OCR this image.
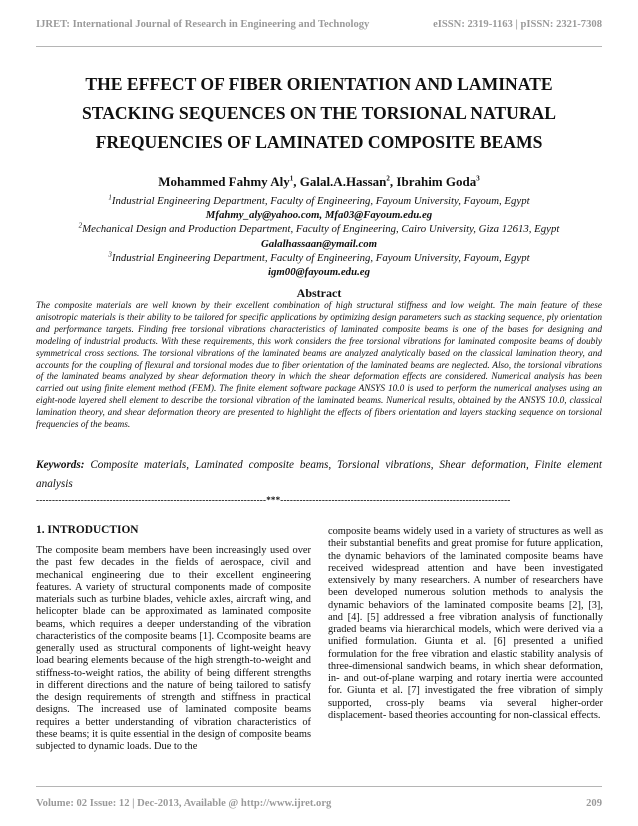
IJRET: International Journal of Research in Engineering and Technology	eISSN: 2319-1163 | pISSN: 2321-7308
THE EFFECT OF FIBER ORIENTATION AND LAMINATE STACKING SEQUENCES ON THE TORSIONAL NATURAL FREQUENCIES OF LAMINATED COMPOSITE BEAMS
Mohammed Fahmy Aly$^1$, Galal.A.Hassan$^2$, Ibrahim Goda$^3$
$^1$Industrial Engineering Department, Faculty of Engineering, Fayoum University, Fayoum, Egypt
Mfahmy_aly@yahoo.com, Mfa03@Fayoum.edu.eg
$^2$Mechanical Design and Production Department, Faculty of Engineering, Cairo University, Giza 12613, Egypt
Galalhassaan@ymail.com
$^3$Industrial Engineering Department, Faculty of Engineering, Fayoum University, Fayoum, Egypt
igm00@fayoum.edu.eg
Abstract

The composite materials are well known by their excellent combination of high structural stiffness and low weight. The main feature of these anisotropic materials is their ability to be tailored for specific applications by optimizing design parameters such as stacking sequence, ply orientation and performance targets. Finding free torsional vibrations characteristics of laminated composite beams is one of the bases for designing and modeling of industrial products. With these requirements, this work considers the free torsional vibrations for laminated composite beams of doubly symmetrical cross sections. The torsional vibrations of the laminated beams are analyzed analytically based on the classical lamination theory, and accounts for the coupling of flexural and torsional modes due to fiber orientation of the laminated beams are neglected. Also, the torsional vibrations of the laminated beams analyzed by shear deformation theory in which the shear deformation effects are considered. Numerical analysis has been carried out using finite element method (FEM). The finite element software package ANSYS 10.0 is used to perform the numerical analyses using an eight-node layered shell element to describe the torsional vibration of the laminated beams. Numerical results, obtained by the ANSYS 10.0, classical lamination theory, and shear deformation theory are presented to highlight the effects of fibers orientation and layers stacking sequence on torsional frequencies of the beams.

Keywords: Composite materials, Laminated composite beams, Torsional vibrations, Shear deformation, Finite element analysis

------------------------------------------------------------------------***------------------------------------------------------------------------
1. INTRODUCTION

The composite beam members have been increasingly used over the past few decades in the fields of aerospace, civil and mechanical engineering due to their excellent engineering features. A variety of structural components made of composite materials such as turbine blades, vehicle axles, aircraft wing, and helicopter blade can be approximated as laminated composite beams, which requires a deeper understanding of the vibration characteristics of the composite beams [1]. Ccomposite beams are generally used as structural components of light-weight heavy load bearing elements because of the high strength-to-weight and stiffness-to-weight ratios, the ability of being different strengths in different directions and the nature of being tailored to satisfy the design requirements of strength and stiffness in practical designs. The increased use of laminated composite beams requires a better understanding of vibration characteristics of these beams; it is quite essential in the design of composite beams subjected to dynamic loads. Due to the

composite beams widely used in a variety of structures as well as their substantial benefits and great promise for future application, the dynamic behaviors of the laminated composite beams have received widespread attention and have been investigated extensively by many researchers. A number of researchers have been developed numerous solution methods to analysis the dynamic behaviors of the laminated composite beams [2], [3], and [4]. [5] addressed a free vibration analysis of functionally graded beams via hierarchical models, which were derived via a unified formulation. Giunta et al. [6] presented a unified formulation for the free vibration and elastic stability analysis of three-dimensional sandwich beams, in which shear deformation, in- and out-of-plane warping and rotary inertia were accounted for. Giunta et al. [7] investigated the free vibration of simply supported, cross-ply beams via several higher-order displacement- based theories accounting for non-classical effects.

Volume: 02 Issue: 12 | Dec-2013, Available @ http://www.ijret.org	209
